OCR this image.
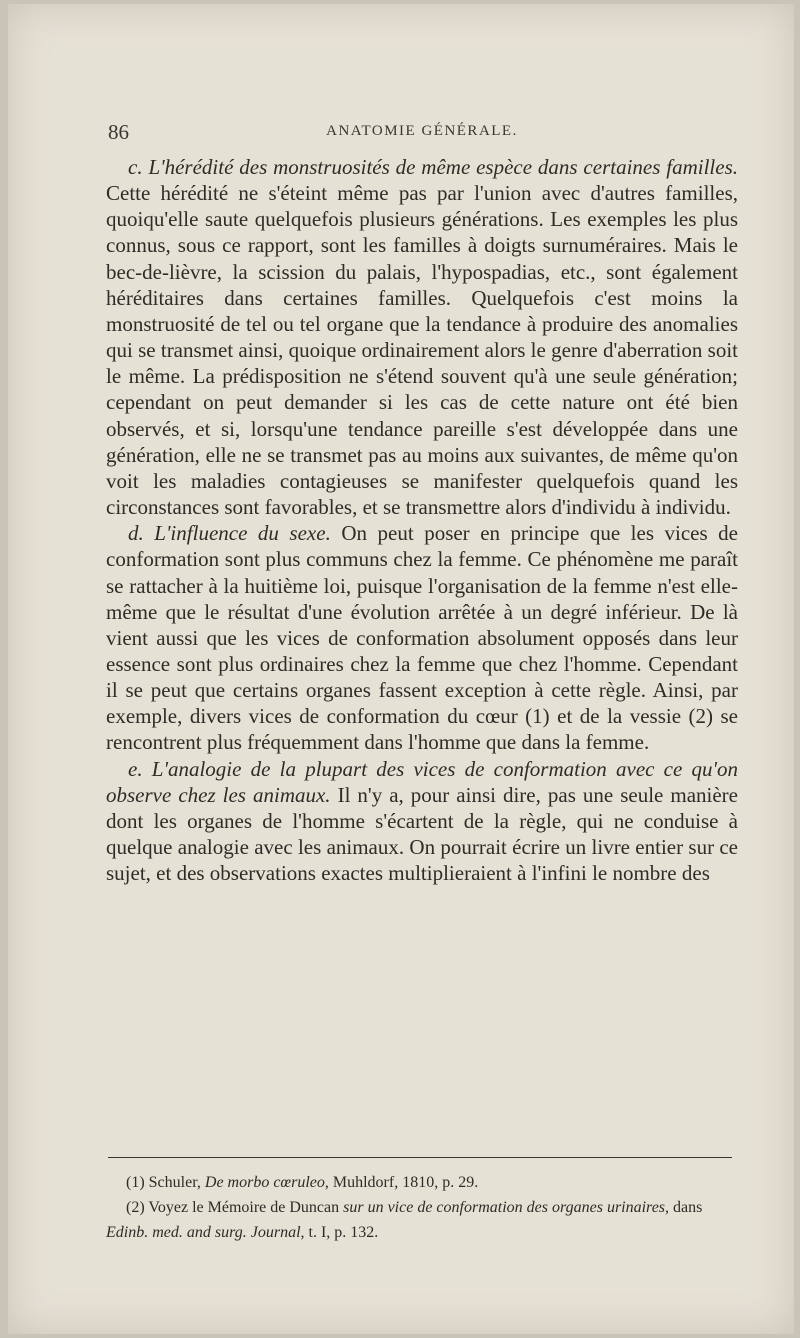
86	ANATOMIE GÉNÉRALE.

c. L'hérédité des monstruosités de même espèce dans certaines familles. Cette hérédité ne s'éteint même pas par l'union avec d'autres familles, quoiqu'elle saute quelquefois plusieurs générations. Les exemples les plus connus, sous ce rapport, sont les familles à doigts surnuméraires. Mais le bec-de-lièvre, la scission du palais, l'hypospadias, etc., sont également héréditaires dans certaines familles. Quelquefois c'est moins la monstruosité de tel ou tel organe que la tendance à produire des anomalies qui se transmet ainsi, quoique ordinairement alors le genre d'aberration soit le même. La prédisposition ne s'étend souvent qu'à une seule génération; cependant on peut demander si les cas de cette nature ont été bien observés, et si, lorsqu'une tendance pareille s'est développée dans une génération, elle ne se transmet pas au moins aux suivantes, de même qu'on voit les maladies contagieuses se manifester quelquefois quand les circonstances sont favorables, et se transmettre alors d'individu à individu.

d. L'influence du sexe. On peut poser en principe que les vices de conformation sont plus communs chez la femme. Ce phénomène me paraît se rattacher à la huitième loi, puisque l'organisation de la femme n'est elle-même que le résultat d'une évolution arrêtée à un degré inférieur. De là vient aussi que les vices de conformation absolument opposés dans leur essence sont plus ordinaires chez la femme que chez l'homme. Cependant il se peut que certains organes fassent exception à cette règle. Ainsi, par exemple, divers vices de conformation du cœur (1) et de la vessie (2) se rencontrent plus fréquemment dans l'homme que dans la femme.

e. L'analogie de la plupart des vices de conformation avec ce qu'on observe chez les animaux. Il n'y a, pour ainsi dire, pas une seule manière dont les organes de l'homme s'écartent de la règle, qui ne conduise à quelque analogie avec les animaux. On pourrait écrire un livre entier sur ce sujet, et des observations exactes multiplieraient à l'infini le nombre des

(1) Schuler, De morbo cœruleo, Muhldorf, 1810, p. 29.

(2) Voyez le Mémoire de Duncan sur un vice de conformation des organes urinaires, dans Edinb. med. and surg. Journal, t. I, p. 132.
